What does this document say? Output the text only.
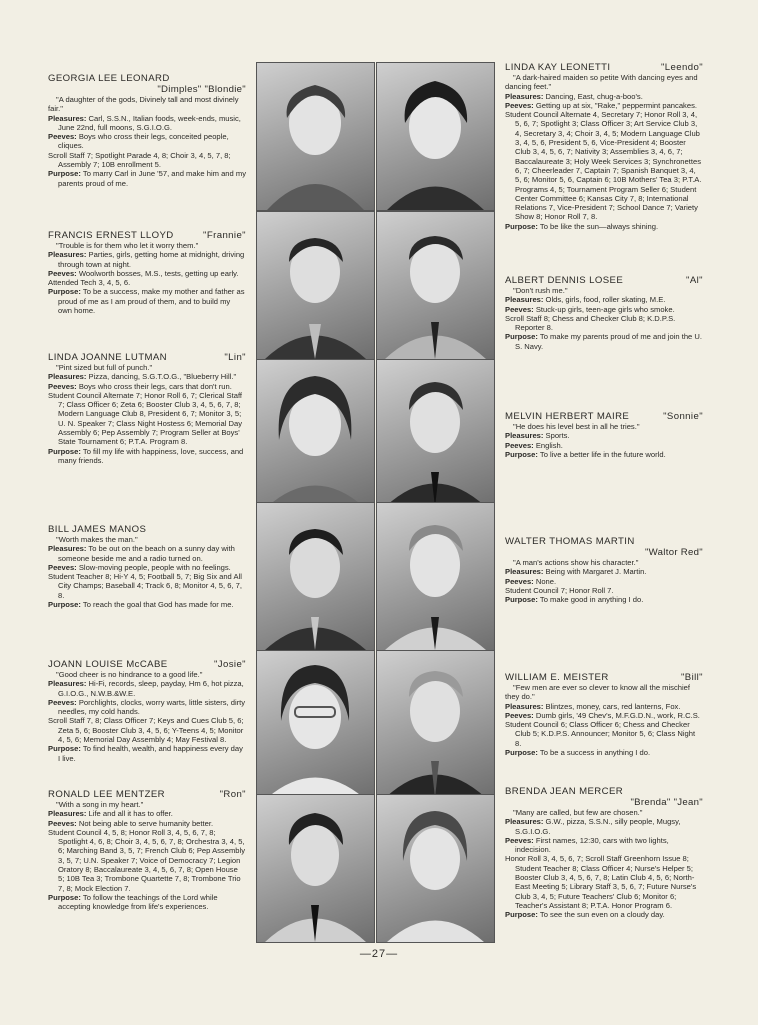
GEORGIA LEE LEONARD
"Dimples" "Blondie"

"A daughter of the gods, Divinely tall and most divinely fair."

Pleasures: Carl, S.S.N., Italian foods, week-ends, music, June 22nd, full moons, S.G.I.O.G.

Peeves: Boys who cross their legs, conceited people, cliques.

Scroll Staff 7; Spotlight Parade 4, 8; Choir 3, 4, 5, 7, 8; Assembly 7; 10B enrollment 5.

Purpose: To marry Carl in June '57, and make him and my parents proud of me.

FRANCIS ERNEST LLOYD	"Frannie"

"Trouble is for them who let it worry them."

Pleasures: Parties, girls, getting home at midnight, driving through town at night.

Peeves: Woolworth bosses, M.S., tests, getting up early.

Attended Tech 3, 4, 5, 6.

Purpose: To be a success, make my mother and father as proud of me as I am proud of them, and to build my own home.

LINDA JOANNE LUTMAN	"Lin"

"Pint sized but full of punch."

Pleasures: Pizza, dancing, S.G.T.O.G., "Blueberry Hill."

Peeves: Boys who cross their legs, cars that don't run.

Student Council Alternate 7; Honor Roll 6, 7; Clerical Staff 7; Class Officer 6; Zeta 6; Booster Club 3, 4, 5, 6, 7, 8; Modern Language Club 8, President 6, 7; Monitor 3, 5; U. N. Speaker 7; Class Night Hostess 6; Memorial Day Assembly 6; Pep Assembly 7; Program Seller at Boys' State Tournament 6; P.T.A. Program 8.

Purpose: To fill my life with happiness, love, success, and many friends.

BILL JAMES MANOS

"Worth makes the man."

Pleasures: To be out on the beach on a sunny day with someone beside me and a radio turned on.

Peeves: Slow-moving people, people with no feelings.

Student Teacher 8; Hi-Y 4, 5; Football 5, 7; Big Six and All City Champs; Baseball 4; Track 6, 8; Monitor 4, 5, 6, 7, 8.

Purpose: To reach the goal that God has made for me.

JOANN LOUISE McCABE	"Josie"

"Good cheer is no hindrance to a good life."

Pleasures: Hi-Fi, records, sleep, payday, Hm 6, hot pizza, G.I.O.G., N.W.B.&W.E.

Peeves: Porchlights, clocks, worry warts, little sisters, dirty needles, my cold hands.

Scroll Staff 7, 8; Class Officer 7; Keys and Cues Club 5, 6; Zeta 5, 6; Booster Club 3, 4, 5, 6; Y-Teens 4, 5; Monitor 4, 5, 6; Memorial Day Assembly 4; May Festival 8.

Purpose: To find health, wealth, and happiness every day I live.

RONALD LEE MENTZER	"Ron"

"With a song in my heart."

Pleasures: Life and all it has to offer.

Peeves: Not being able to serve humanity better.

Student Council 4, 5, 8; Honor Roll 3, 4, 5, 6, 7, 8; Spotlight 4, 6, 8; Choir 3, 4, 5, 6, 7, 8; Orchestra 3, 4, 5, 6; Marching Band 3, 5, 7; French Club 6; Pep Assembly 3, 5, 7; U.N. Speaker 7; Voice of Democracy 7; Legion Oratory 8; Baccalaureate 3, 4, 5, 6, 7, 8; Open House 5; 10B Tea 3; Trombone Quartette 7, 8; Trombone Trio 7, 8; Mock Election 7.

Purpose: To follow the teachings of the Lord while accepting knowledge from life's experiences.

LINDA KAY LEONETTI	"Leendo"

"A dark-haired maiden so petite With dancing eyes and dancing feet."

Pleasures: Dancing, East, chug-a-boo's.

Peeves: Getting up at six, "Rake," peppermint pancakes.

Student Council Alternate 4, Secretary 7; Honor Roll 3, 4, 5, 6, 7; Spotlight 3; Class Officer 3; Art Service Club 3, 4, Secretary 3, 4; Choir 3, 4, 5; Modern Language Club 3, 4, 5, 6, President 5, 6, Vice-President 4; Booster Club 3, 4, 5, 6, 7; Nativity 3; Assemblies 3, 4, 6, 7; Baccalaureate 3; Holy Week Services 3; Synchronettes 6, 7; Cheerleader 7, Captain 7; Spanish Banquet 3, 4, 5, 6; Monitor 5, 6, Captain 6; 10B Mothers' Tea 3; P.T.A. Programs 4, 5; Tournament Program Seller 6; Student Center Committee 6; Kansas City 7, 8; International Relations 7, Vice-President 7; School Dance 7; Variety Show 8; Honor Roll 7, 8.

Purpose: To be like the sun—always shining.

ALBERT DENNIS LOSEE	"Al"

"Don't rush me."

Pleasures: Olds, girls, food, roller skating, M.E.

Peeves: Stuck-up girls, teen-age girls who smoke.

Scroll Staff 8; Chess and Checker Club 8; K.D.P.S. Reporter 8.

Purpose: To make my parents proud of me and join the U. S. Navy.

MELVIN HERBERT MAIRE	"Sonnie"

"He does his level best in all he tries."

Pleasures: Sports.

Peeves: English.

Purpose: To live a better life in the future world.

WALTER THOMAS MARTIN
"Waltor Red"

"A man's actions show his character."

Pleasures: Being with Margaret J. Martin.

Peeves: None.

Student Council 7; Honor Roll 7.

Purpose: To make good in anything I do.

WILLIAM E. MEISTER	"Bill"

"Few men are ever so clever to know all the mischief they do."

Pleasures: Blintzes, money, cars, red lanterns, Fox.

Peeves: Dumb girls, '49 Chev's, M.F.G.D.N., work, R.C.S.

Student Council 6; Class Officer 6; Chess and Checker Club 5; K.D.P.S. Announcer; Monitor 5, 6; Class Night 8.

Purpose: To be a success in anything I do.

BRENDA JEAN MERCER
"Brenda" "Jean"

"Many are called, but few are chosen."

Pleasures: G.W., pizza, S.S.N., silly people, Mugsy, S.G.I.O.G.

Peeves: First names, 12:30, cars with two lights, indecision.

Honor Roll 3, 4, 5, 6, 7; Scroll Staff Greenhorn Issue 8; Student Teacher 8; Class Officer 4; Nurse's Helper 5; Booster Club 3, 4, 5, 6, 7, 8; Latin Club 4, 5, 6; North-East Meeting 5; Library Staff 3, 5, 6, 7; Future Nurse's Club 3, 4, 5; Future Teachers' Club 6; Monitor 6; Teacher's Assistant 8; P.T.A. Honor Program 6.

Purpose: To see the sun even on a cloudy day.

—27—
